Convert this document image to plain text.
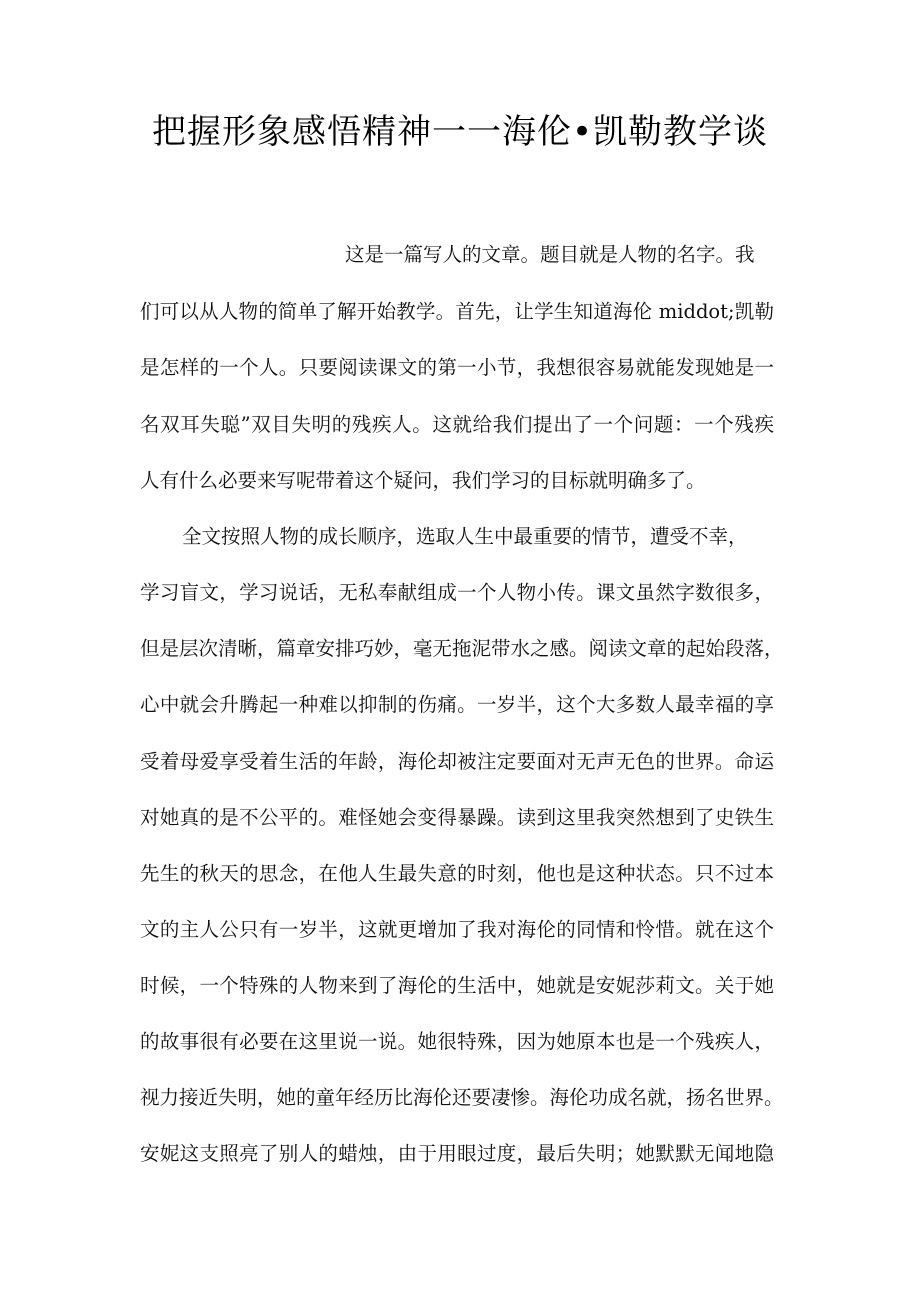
把握形象感悟精神一一海伦•凯勒教学谈
这是一篇写人的文章。题目就是人物的名字。我
们可以从人物的简单了解开始教学。首先，让学生知道海伦 middot;凯勒
是怎样的一个人。只要阅读课文的第一小节，我想很容易就能发现她是一
名双耳失聪”双目失明的残疾人。这就给我们提出了一个问题：一个残疾
人有什么必要来写呢带着这个疑问，我们学习的目标就明确多了。
全文按照人物的成长顺序，选取人生中最重要的情节，遭受不幸，
学习盲文，学习说话，无私奉献组成一个人物小传。课文虽然字数很多，
但是层次清晰，篇章安排巧妙，毫无拖泥带水之感。阅读文章的起始段落，
心中就会升腾起一种难以抑制的伤痛。一岁半，这个大多数人最幸福的享
受着母爱享受着生活的年龄，海伦却被注定要面对无声无色的世界。命运
对她真的是不公平的。难怪她会变得暴躁。读到这里我突然想到了史铁生
先生的秋天的思念，在他人生最失意的时刻，他也是这种状态。只不过本
文的主人公只有一岁半，这就更增加了我对海伦的同情和怜惜。就在这个
时候，一个特殊的人物来到了海伦的生活中，她就是安妮莎莉文。关于她
的故事很有必要在这里说一说。她很特殊，因为她原本也是一个残疾人，
视力接近失明，她的童年经历比海伦还要凄惨。海伦功成名就，扬名世界。
安妮这支照亮了别人的蜡烛，由于用眼过度，最后失明；她默默无闻地隐
